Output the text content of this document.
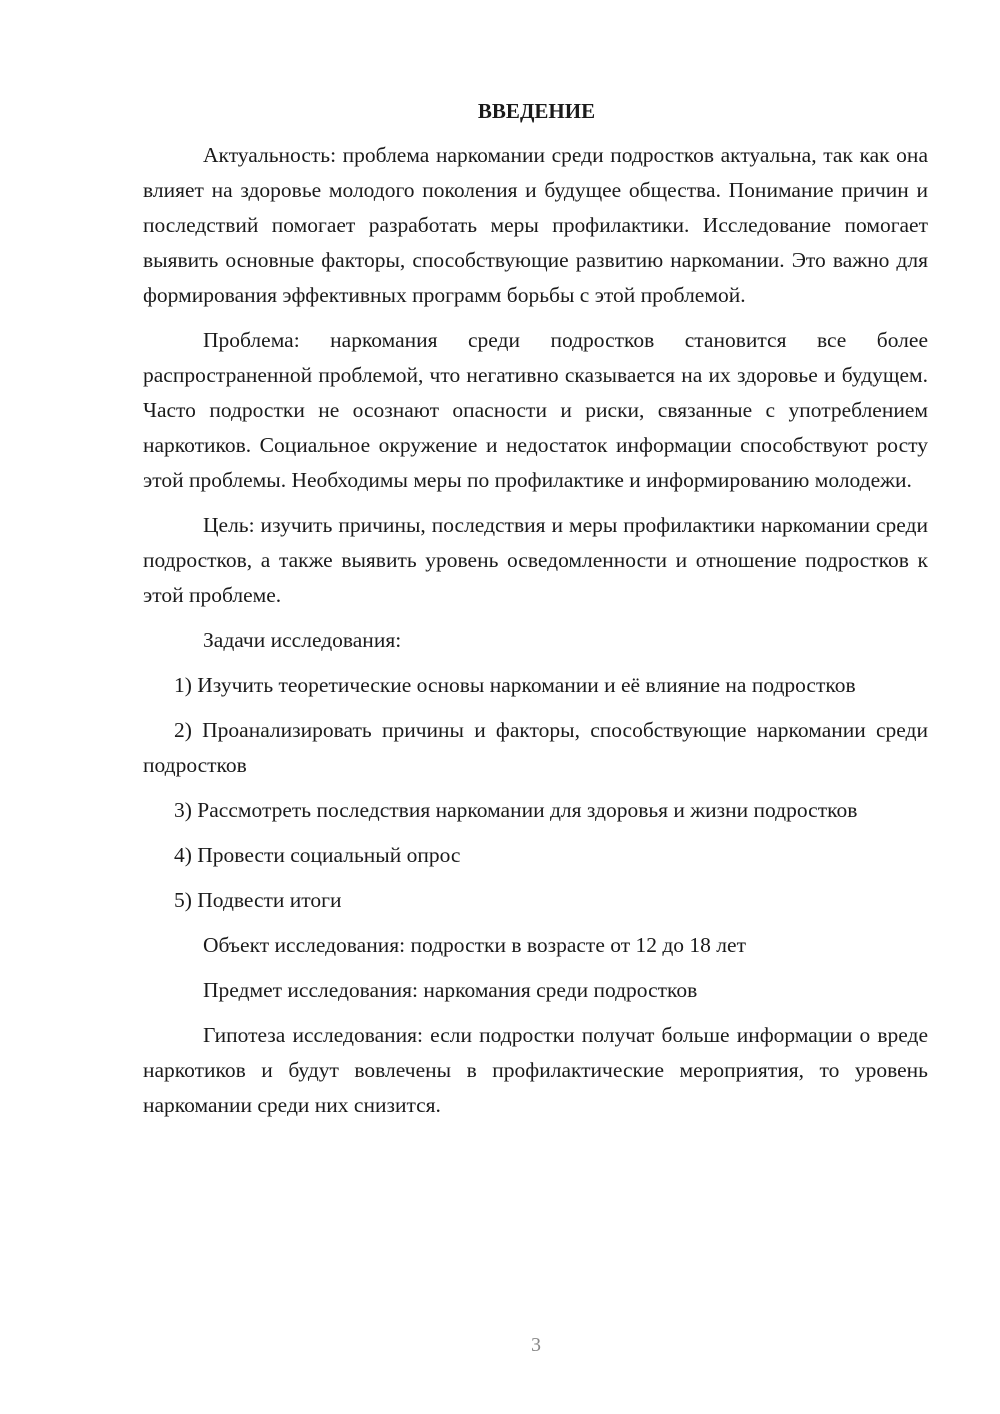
ВВЕДЕНИЕ

Актуальность: проблема наркомании среди подростков актуальна, так как она влияет на здоровье молодого поколения и будущее общества. Понимание причин и последствий помогает разработать меры профилактики. Исследование помогает выявить основные факторы, способствующие развитию наркомании. Это важно для формирования эффективных программ борьбы с этой проблемой.

Проблема: наркомания среди подростков становится все более распространенной проблемой, что негативно сказывается на их здоровье и будущем. Часто подростки не осознают опасности и риски, связанные с употреблением наркотиков. Социальное окружение и недостаток информации способствуют росту этой проблемы. Необходимы меры по профилактике и информированию молодежи.

Цель: изучить причины, последствия и меры профилактики наркомании среди подростков, а также выявить уровень осведомленности и отношение подростков к этой проблеме.

Задачи исследования:

1) Изучить теоретические основы наркомании и её влияние на подростков

2) Проанализировать причины и факторы, способствующие наркомании среди подростков

3) Рассмотреть последствия наркомании для здоровья и жизни подростков

4) Провести социальный опрос

5) Подвести итоги

Объект исследования: подростки в возрасте от 12 до 18 лет

Предмет исследования: наркомания среди подростков

Гипотеза исследования: если подростки получат больше информации о вреде наркотиков и будут вовлечены в профилактические мероприятия, то уровень наркомании среди них снизится.

3
